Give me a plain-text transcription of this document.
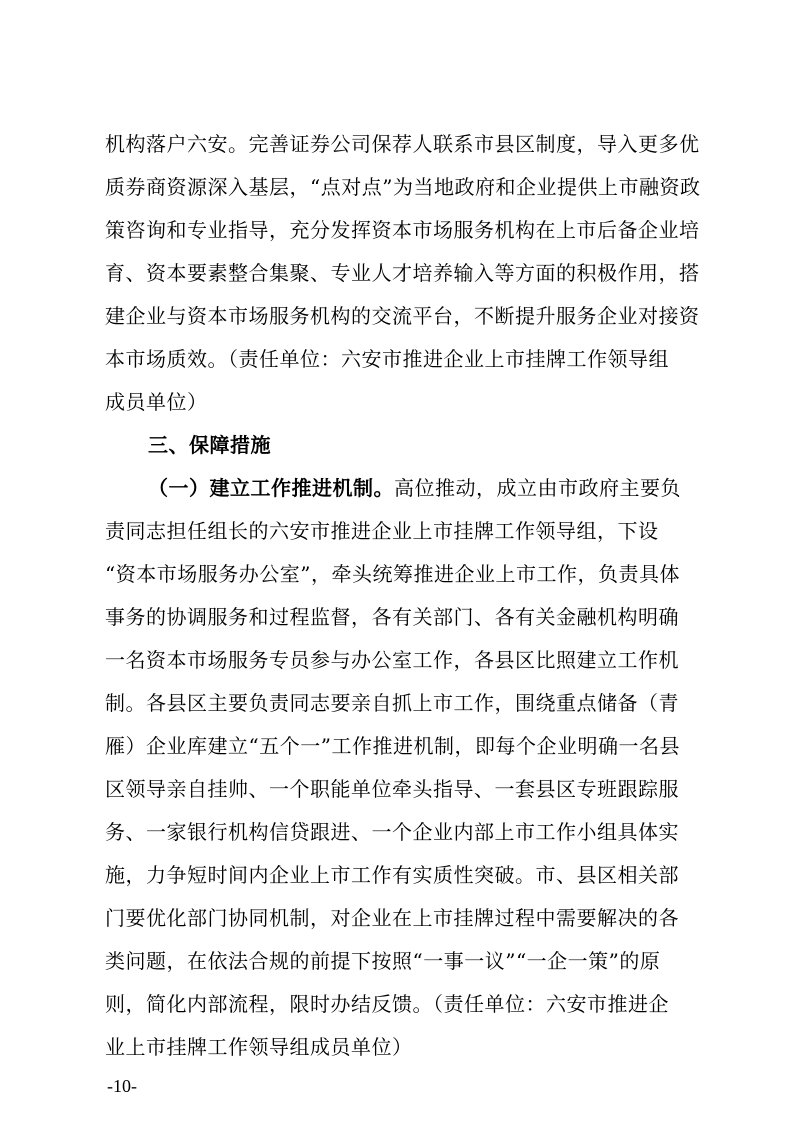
机构落户六安。完善证券公司保荐人联系市县区制度，导入更多优
质券商资源深入基层，“点对点”为当地政府和企业提供上市融资政
策咨询和专业指导，充分发挥资本市场服务机构在上市后备企业培
育、资本要素整合集聚、专业人才培养输入等方面的积极作用，搭
建企业与资本市场服务机构的交流平台，不断提升服务企业对接资
本市场质效。（责任单位：六安市推进企业上市挂牌工作领导组
成员单位）
三、保障措施
（一）建立工作推进机制。高位推动，成立由市政府主要负
责同志担任组长的六安市推进企业上市挂牌工作领导组，下设
“资本市场服务办公室”，牵头统筹推进企业上市工作，负责具体
事务的协调服务和过程监督，各有关部门、各有关金融机构明确
一名资本市场服务专员参与办公室工作，各县区比照建立工作机
制。各县区主要负责同志要亲自抓上市工作，围绕重点储备（青
雁）企业库建立“五个一”工作推进机制，即每个企业明确一名县
区领导亲自挂帅、一个职能单位牵头指导、一套县区专班跟踪服
务、一家银行机构信贷跟进、一个企业内部上市工作小组具体实
施，力争短时间内企业上市工作有实质性突破。市、县区相关部
门要优化部门协同机制，对企业在上市挂牌过程中需要解决的各
类问题，在依法合规的前提下按照“一事一议”“一企一策”的原
则，简化内部流程，限时办结反馈。（责任单位：六安市推进企
业上市挂牌工作领导组成员单位）
-10-
